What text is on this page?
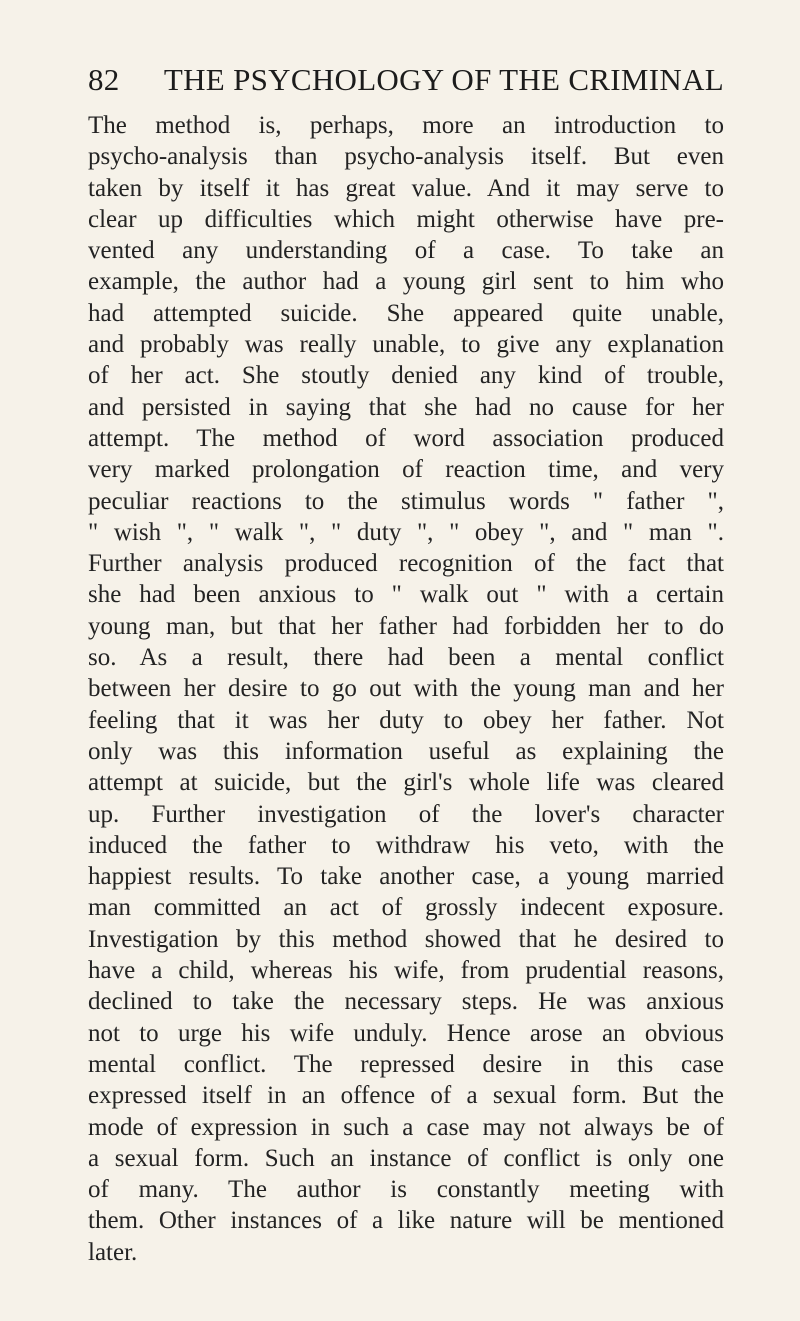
82 THE PSYCHOLOGY OF THE CRIMINAL
The method is, perhaps, more an introduction to
psycho-analysis than psycho-analysis itself. But even
taken by itself it has great value. And it may serve to
clear up difficulties which might otherwise have pre-
vented any understanding of a case. To take an
example, the author had a young girl sent to him who
had attempted suicide. She appeared quite unable,
and probably was really unable, to give any explanation
of her act. She stoutly denied any kind of trouble,
and persisted in saying that she had no cause for her
attempt. The method of word association produced
very marked prolongation of reaction time, and very
peculiar reactions to the stimulus words " father ",
" wish ", " walk ", " duty ", " obey ", and " man ".
Further analysis produced recognition of the fact that
she had been anxious to " walk out " with a certain
young man, but that her father had forbidden her to do
so. As a result, there had been a mental conflict
between her desire to go out with the young man and her
feeling that it was her duty to obey her father. Not
only was this information useful as explaining the
attempt at suicide, but the girl's whole life was cleared
up. Further investigation of the lover's character
induced the father to withdraw his veto, with the
happiest results. To take another case, a young married
man committed an act of grossly indecent exposure.
Investigation by this method showed that he desired to
have a child, whereas his wife, from prudential reasons,
declined to take the necessary steps. He was anxious
not to urge his wife unduly. Hence arose an obvious
mental conflict. The repressed desire in this case
expressed itself in an offence of a sexual form. But the
mode of expression in such a case may not always be of
a sexual form. Such an instance of conflict is only one
of many. The author is constantly meeting with
them. Other instances of a like nature will be mentioned
later.
